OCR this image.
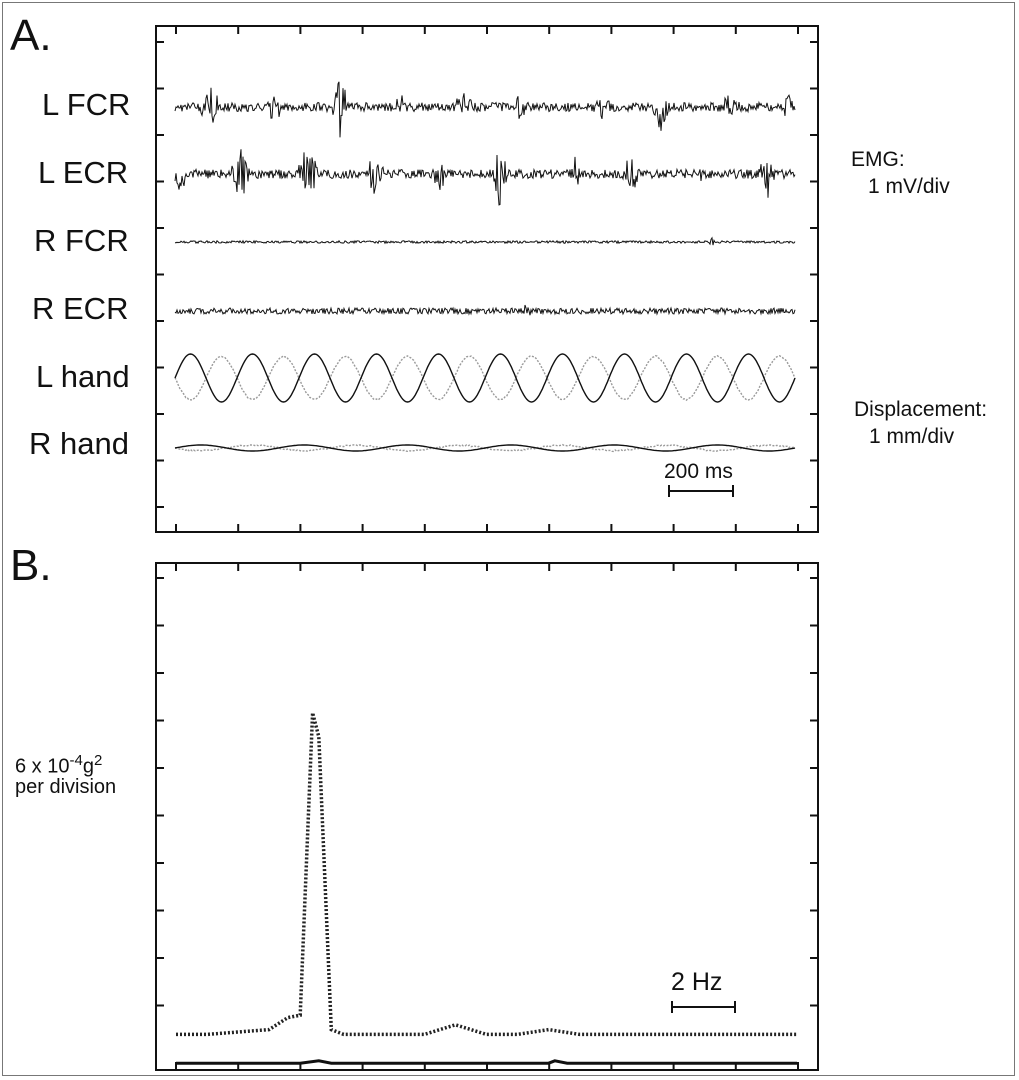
A.
B.
L FCR
L ECR
R FCR
R ECR
L hand
R hand
EMG:
1 mV/div
Displacement:
1 mm/div
200 ms
6 x $10^{-4}g^2$
per division
2 Hz
